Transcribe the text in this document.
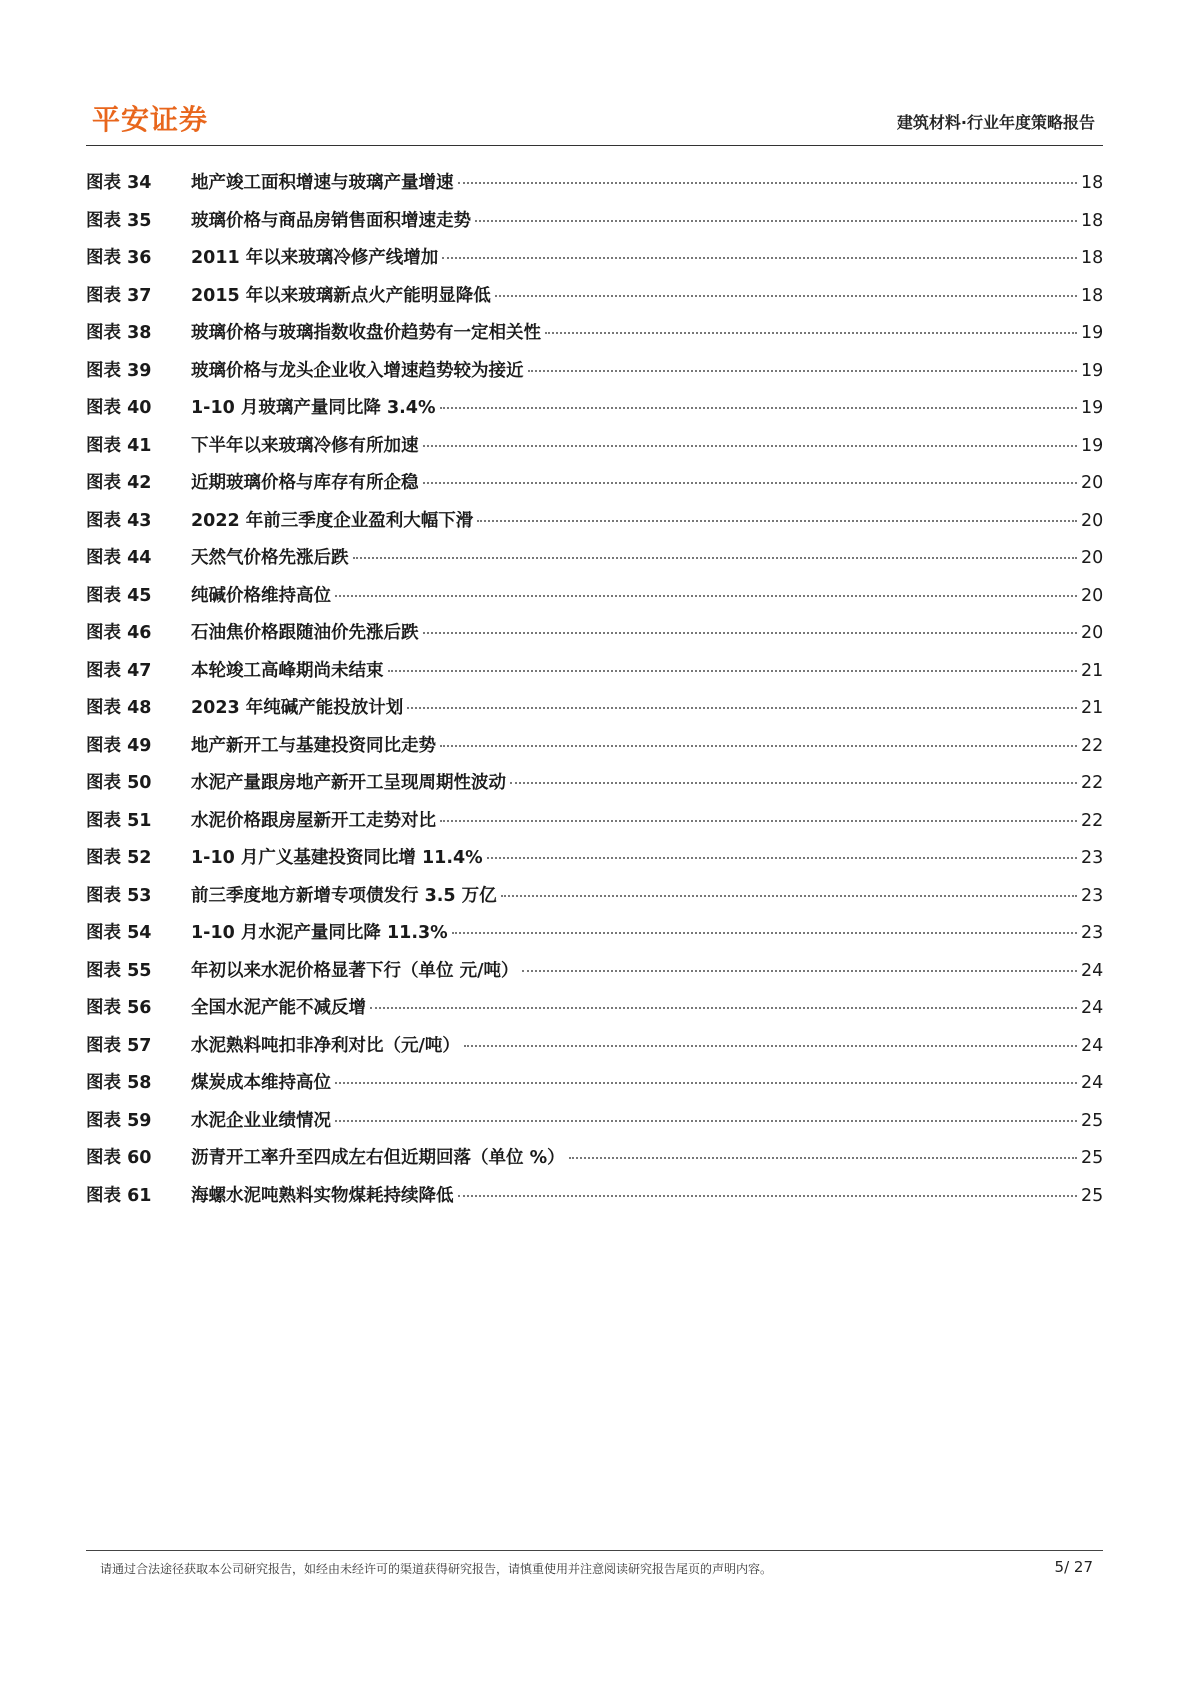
平安证券	建筑材料·行业年度策略报告
图表 34	地产竣工面积增速与玻璃产量增速	18
图表 35	玻璃价格与商品房销售面积增速走势	18
图表 36	2011 年以来玻璃冷修产线增加	18
图表 37	2015 年以来玻璃新点火产能明显降低	18
图表 38	玻璃价格与玻璃指数收盘价趋势有一定相关性	19
图表 39	玻璃价格与龙头企业收入增速趋势较为接近	19
图表 40	1-10 月玻璃产量同比降 3.4%	19
图表 41	下半年以来玻璃冷修有所加速	19
图表 42	近期玻璃价格与库存有所企稳	20
图表 43	2022 年前三季度企业盈利大幅下滑	20
图表 44	天然气价格先涨后跌	20
图表 45	纯碱价格维持高位	20
图表 46	石油焦价格跟随油价先涨后跌	20
图表 47	本轮竣工高峰期尚未结束	21
图表 48	2023 年纯碱产能投放计划	21
图表 49	地产新开工与基建投资同比走势	22
图表 50	水泥产量跟房地产新开工呈现周期性波动	22
图表 51	水泥价格跟房屋新开工走势对比	22
图表 52	1-10 月广义基建投资同比增 11.4%	23
图表 53	前三季度地方新增专项债发行 3.5 万亿	23
图表 54	1-10 月水泥产量同比降 11.3%	23
图表 55	年初以来水泥价格显著下行（单位 元/吨）	24
图表 56	全国水泥产能不减反增	24
图表 57	水泥熟料吨扣非净利对比（元/吨）	24
图表 58	煤炭成本维持高位	24
图表 59	水泥企业业绩情况	25
图表 60	沥青开工率升至四成左右但近期回落（单位 %）	25
图表 61	海螺水泥吨熟料实物煤耗持续降低	25
请通过合法途径获取本公司研究报告，如经由未经许可的渠道获得研究报告，请慎重使用并注意阅读研究报告尾页的声明内容。	5/ 27
